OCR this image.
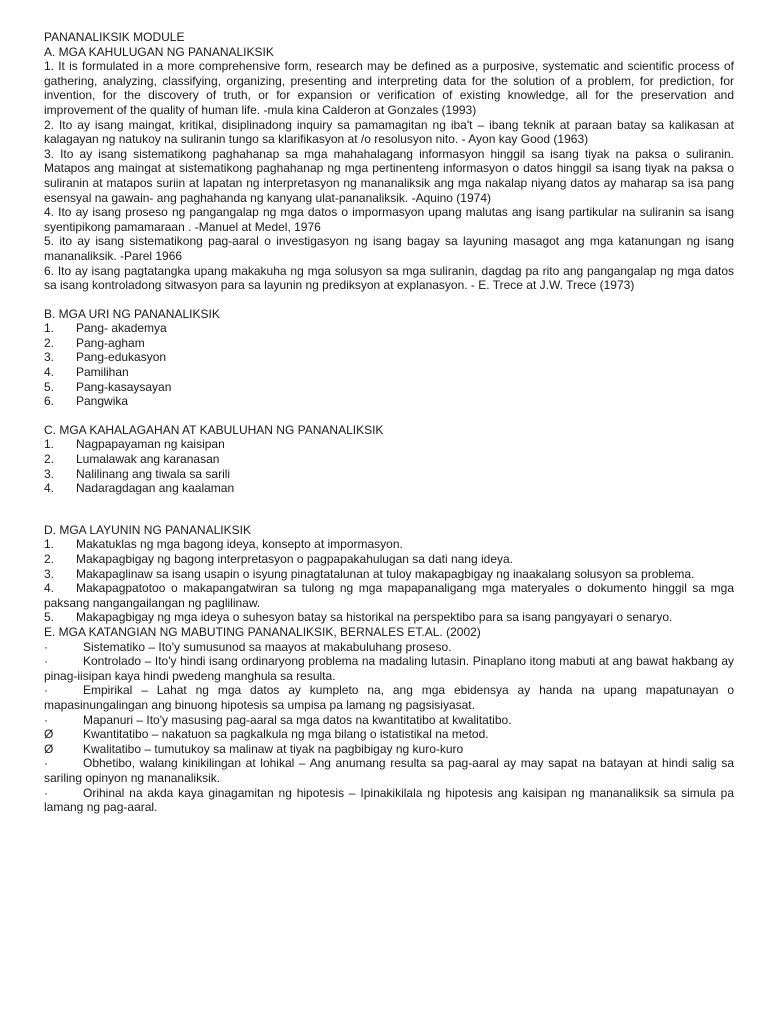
PANANALIKSIK MODULE
A. MGA KAHULUGAN NG PANANALIKSIK
1. It is formulated in a more comprehensive form, research may be defined as a purposive, systematic and scientific process of gathering, analyzing, classifying, organizing, presenting and interpreting data for the solution of a problem, for prediction, for invention, for the discovery of truth, or for expansion or verification of existing knowledge, all for the preservation and improvement of the quality of human life. -mula kina Calderon at Gonzales (1993)
2. Ito ay isang maingat, kritikal, disiplinadong inquiry sa pamamagitan ng iba't – ibang teknik at paraan batay sa kalikasan at kalagayan ng natukoy na suliranin tungo sa klarifikasyon at /o resolusyon nito. - Ayon kay Good (1963)
3. Ito ay isang sistematikong paghahanap sa mga mahahalagang informasyon hinggil sa isang tiyak na paksa o suliranin. Matapos ang maingat at sistematikong paghahanap ng mga pertinenteng informasyon o datos hinggil sa isang tiyak na paksa o suliranin at matapos suriin at lapatan ng interpretasyon ng mananaliksik ang mga nakalap niyang datos ay maharap sa isa pang esensyal na gawain- ang paghahanda ng kanyang ulat-pananaliksik. -Aquino (1974)
4. Ito ay isang proseso ng pangangalap ng mga datos o impormasyon upang malutas ang isang partikular na suliranin sa isang syentipikong pamamaraan . -Manuel at Medel, 1976
5. ito ay isang sistematikong pag-aaral o investigasyon ng isang bagay sa layuning masagot ang mga katanungan ng isang mananaliksik. -Parel 1966
6. Ito ay isang pagtatangka upang makakuha ng mga solusyon sa mga suliranin, dagdag pa rito ang pangangalap ng mga datos sa isang kontroladong sitwasyon para sa layunin ng prediksyon at explanasyon. - E. Trece at J.W. Trece (1973)
B. MGA URI NG PANANALIKSIK
1. Pang- akademya
2. Pang-agham
3. Pang-edukasyon
4. Pamilihan
5. Pang-kasaysayan
6. Pangwika
C. MGA KAHALAGAHAN AT KABULUHAN NG PANANALIKSIK
1. Nagpapayaman ng kaisipan
2. Lumalawak ang karanasan
3. Nalilinang ang tiwala sa sarili
4. Nadaragdagan ang kaalaman
D. MGA LAYUNIN NG PANANALIKSIK
1. Makatuklas ng mga bagong ideya, konsepto at impormasyon.
2. Makapagbigay ng bagong interpretasyon o pagpapakahulugan sa dati nang ideya.
3. Makapaglinaw sa isang usapin o isyung pinagtatalunan at tuloy makapagbigay ng inaakalang solusyon sa problema.
4. Makapagpatotoo o makapangatwiran sa tulong ng mga mapapanaligang mga materyales o dokumento hinggil sa mga paksang nangangailangan ng paglilinaw.
5. Makapagbigay ng mga ideya o suhesyon batay sa historikal na perspektibo para sa isang pangyayari o senaryo.
E. MGA KATANGIAN NG MABUTING PANANALIKSIK, BERNALES ET.AL. (2002)
·	Sistematiko – Ito'y sumusunod sa maayos at makabuluhang proseso.
·	Kontrolado – Ito'y hindi isang ordinaryong problema na madaling lutasin. Pinaplano itong mabuti at ang bawat hakbang ay pinag-iisipan kaya hindi pwedeng manghula sa resulta.
·	Empirikal – Lahat ng mga datos ay kumpleto na, ang mga ebidensya ay handa na upang mapatunayan o mapasinungalingan ang binuong hipotesis sa umpisa pa lamang ng pagsisiyasat.
·	Mapanuri – Ito'y masusing pag-aaral sa mga datos na kwantitatibo at kwalitatibo.
Ø Kwantitatibo – nakatuon sa pagkalkula ng mga bilang o istatistikal na metod.
Ø Kwalitatibo – tumutukoy sa malinaw at tiyak na pagbibigay ng kuro-kuro
·	Obhetibo, walang kinikilingan at lohikal – Ang anumang resulta sa pag-aaral ay may sapat na batayan at hindi salig sa sariling opinyon ng mananaliksik.
·	Orihinal na akda kaya ginagamitan ng hipotesis – Ipinakikilala ng hipotesis ang kaisipan ng mananaliksik sa simula pa lamang ng pag-aaral.
